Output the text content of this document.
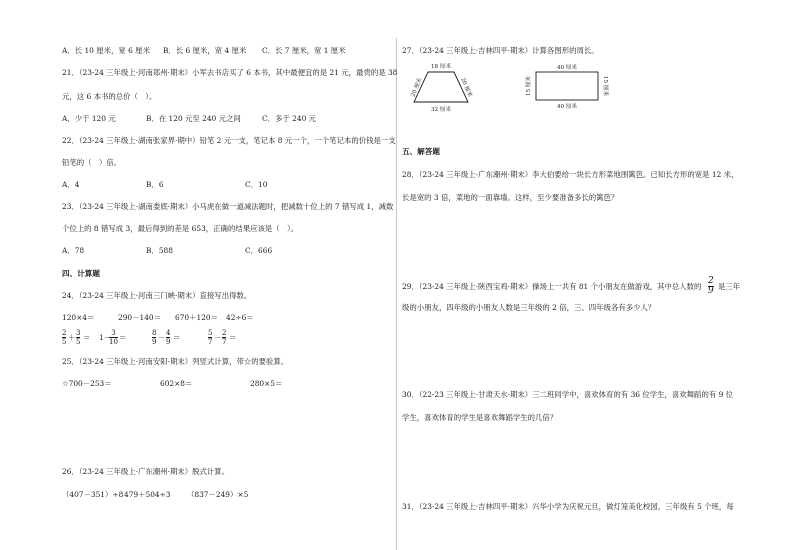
A．长 10 厘米，宽 6 厘米 B．长 6 厘米，宽 4 厘米 C．长 7 厘米，宽 1 厘米
21．（23-24 三年级上·河南郑州·期末）小军去书店买了 6 本书，其中最便宜的是 21 元，最贵的是 38
元，这 6 本书的总价（　）。
A．少于 120 元	B．在 120 元至 240 元之间	C．多于 240 元
22．（23-24 三年级上·湖南张家界·期中）铅笔 2 元一支，笔记本 8 元一个，一个笔记本的价钱是一支
铅笔的（　）倍。
A．4	B．6	C．10
23．（23-24 三年级上·湖南娄底·期末）小马虎在做一道减法题时，把减数十位上的 7 错写成 1，减数
个位上的 8 错写成 3，最后得到的差是 653，正确的结果应该是（　）。
A．78	B．588	C．666
四、计算题
24．（23-24 三年级上·河南三门峡·期末）直接写出得数。
120×4＝	290－140＝ 670＋120＝ 42÷6＝
2
5 ＋ 3
5 ＝ 1－ 3
10 ＝	8
9 － 4
9 ＝	5
7 － 2
7 ＝
25．（23-24 三年级上·河南安阳·期末）列竖式计算，带☆的要验算。
☆700－253＝	602×8＝	280×5＝
26．（23-24 三年级上·广东潮州·期末）脱式计算。
（407－351）÷8 479＋504÷3 （837－249）×5
27．（23-24 三年级上·吉林四平·期末）计算各图形的周长。
18 厘米
20 厘米	20 厘米
32 厘米
40 厘米
15 厘米	15 厘米
40 厘米
五、解答题
28．（23-24 三年级上·广东潮州·期末）李大伯要给一块长方形菜地围篱笆。已知长方形的宽是 12 米，
长是宽的 3 倍，菜地的一面靠墙。这样，至少要准备多长的篱笆？
29．（23-24 三年级上·陕西宝鸡·期末）操场上一共有 81 个小朋友在做游戏，其中总人数的
2
9 是三年
级的小朋友，四年级的小朋友人数是三年级的 2 倍，三、四年级各有多少人？
30．（22-23 三年级上·甘肃天水·期末）三二班同学中，喜欢体育的有 36 位学生，喜欢舞蹈的有 9 位
学生，喜欢体育的学生是喜欢舞蹈学生的几倍？
31．（23-24 三年级上·吉林四平·期末）兴华小学为庆祝元旦，做灯笼美化校园，三年级有 5 个班，每
